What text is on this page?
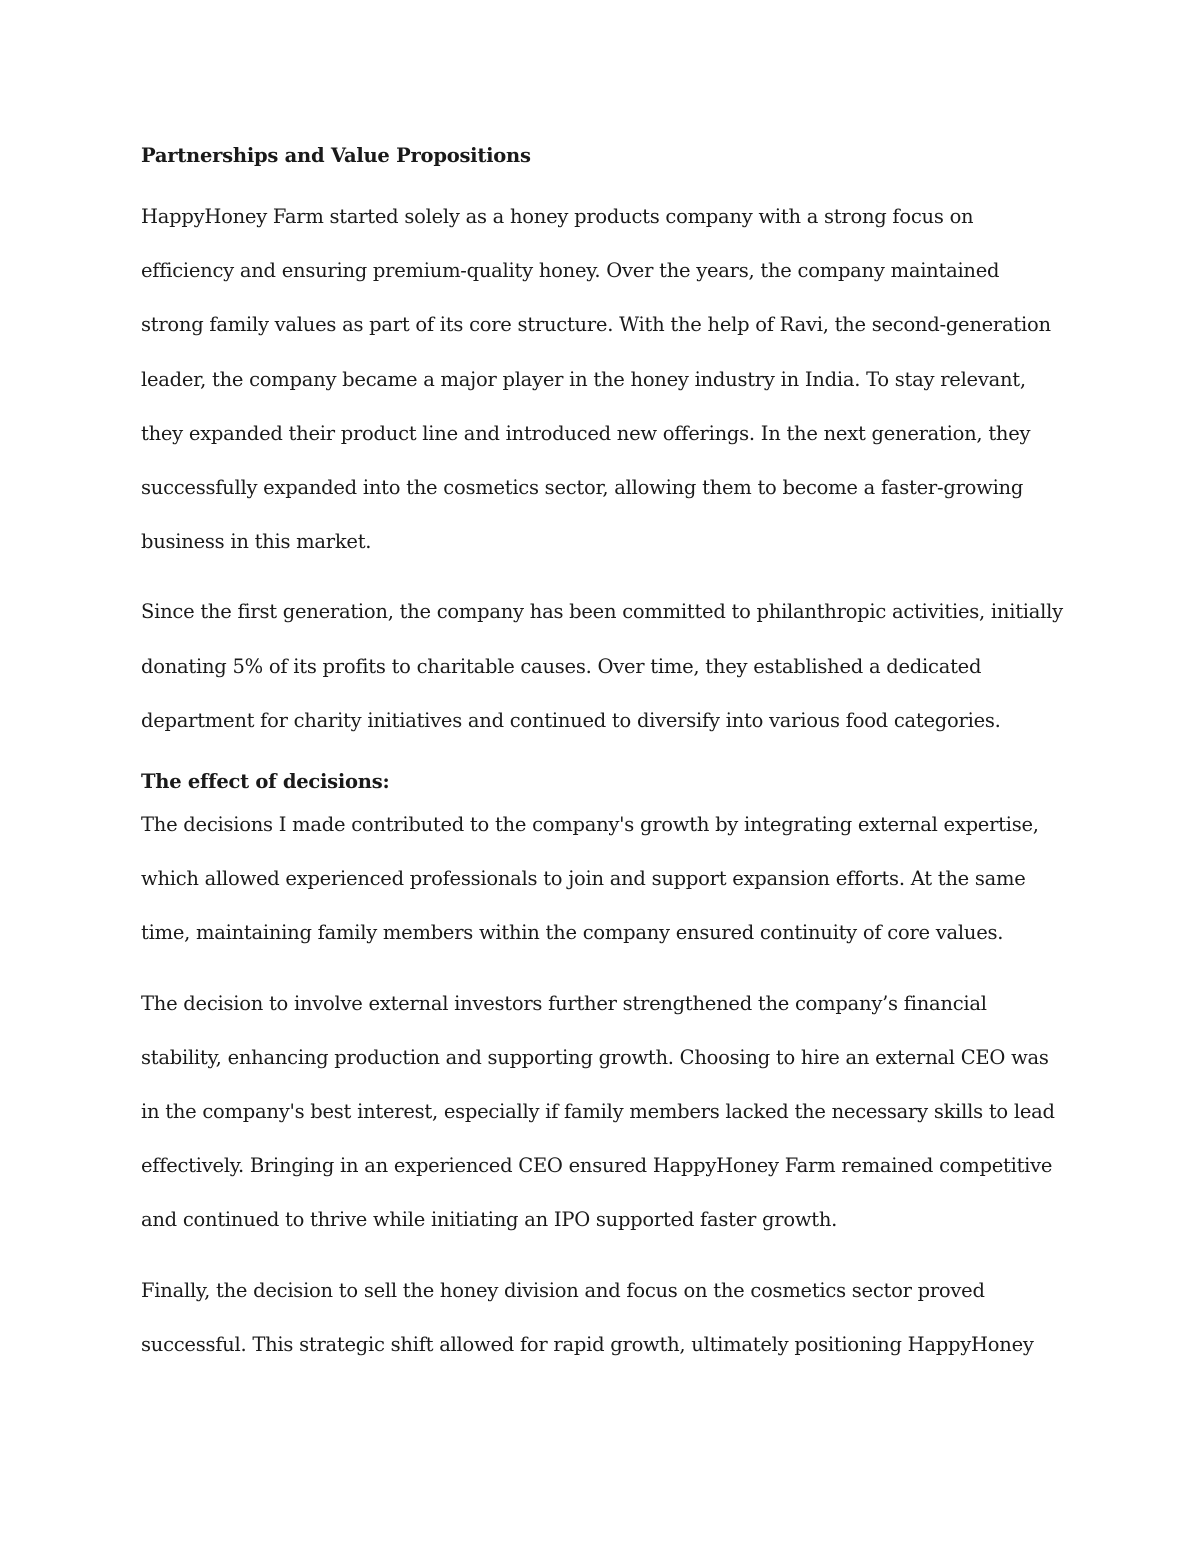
Partnerships and Value Propositions

HappyHoney Farm started solely as a honey products company with a strong focus on efficiency and ensuring premium-quality honey. Over the years, the company maintained strong family values as part of its core structure. With the help of Ravi, the second-generation leader, the company became a major player in the honey industry in India. To stay relevant, they expanded their product line and introduced new offerings. In the next generation, they successfully expanded into the cosmetics sector, allowing them to become a faster-growing business in this market.

Since the first generation, the company has been committed to philanthropic activities, initially donating 5% of its profits to charitable causes. Over time, they established a dedicated department for charity initiatives and continued to diversify into various food categories.

The effect of decisions:

The decisions I made contributed to the company's growth by integrating external expertise, which allowed experienced professionals to join and support expansion efforts. At the same time, maintaining family members within the company ensured continuity of core values.

The decision to involve external investors further strengthened the company’s financial stability, enhancing production and supporting growth. Choosing to hire an external CEO was in the company's best interest, especially if family members lacked the necessary skills to lead effectively. Bringing in an experienced CEO ensured HappyHoney Farm remained competitive and continued to thrive while initiating an IPO supported faster growth.

Finally, the decision to sell the honey division and focus on the cosmetics sector proved successful. This strategic shift allowed for rapid growth, ultimately positioning HappyHoney
